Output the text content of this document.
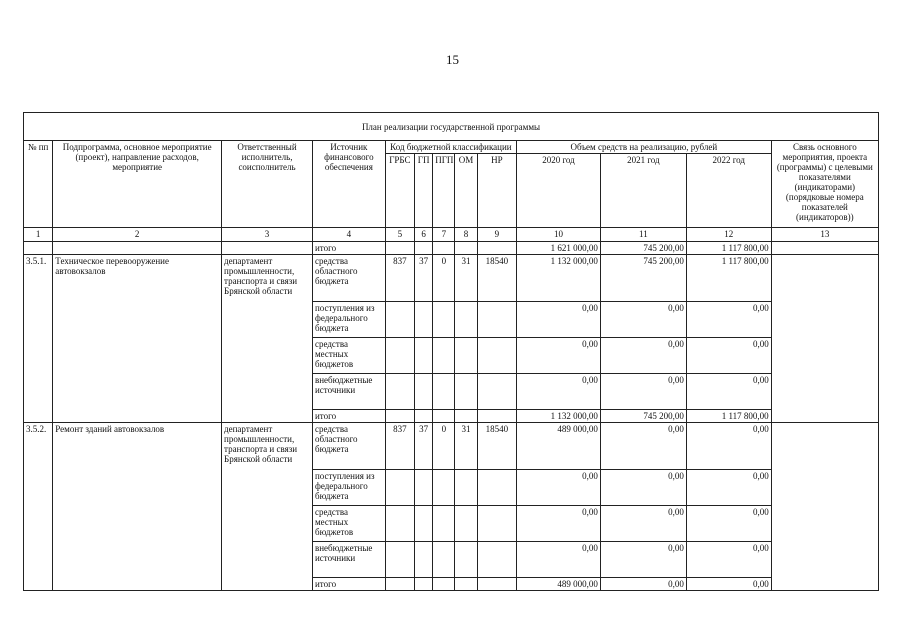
15
План реализации государственной программы												
№ пп	Подпрограмма, основное мероприятие (проект), направление расходов, мероприятие	Ответственный исполнитель, соисполнитель	Источник финансового обеспечения	Код бюджетной классификации					Объем средств на реализацию, рублей			Связь основного мероприятия, проекта (программы) с целевыми показателями (индикаторами) (порядковые номера показателей (индикаторов))
				ГРБС	ГП	ПГП	ОМ	НР	2020 год	2021 год	2022 год	
1	2	3	4	5	6	7	8	9	10	11	12	13
			итого						1 621 000,00	745 200,00	1 117 800,00	
3.5.1.	Техническое перевооружение автовокзалов	департамент промышленности, транспорта и связи Брянской области	средства областного бюджета	837	37	0	31	18540	1 132 000,00	745 200,00	1 117 800,00	
			поступления из федерального бюджета						0,00	0,00	0,00	
			средства местных бюджетов						0,00	0,00	0,00	
			внебюджетные источники						0,00	0,00	0,00	
			итого						1 132 000,00	745 200,00	1 117 800,00	
3.5.2.	Ремонт зданий автовокзалов	департамент промышленности, транспорта и связи Брянской области	средства областного бюджета	837	37	0	31	18540	489 000,00	0,00	0,00	
			поступления из федерального бюджета						0,00	0,00	0,00	
			средства местных бюджетов						0,00	0,00	0,00	
			внебюджетные источники						0,00	0,00	0,00	
			итого						489 000,00	0,00	0,00	
